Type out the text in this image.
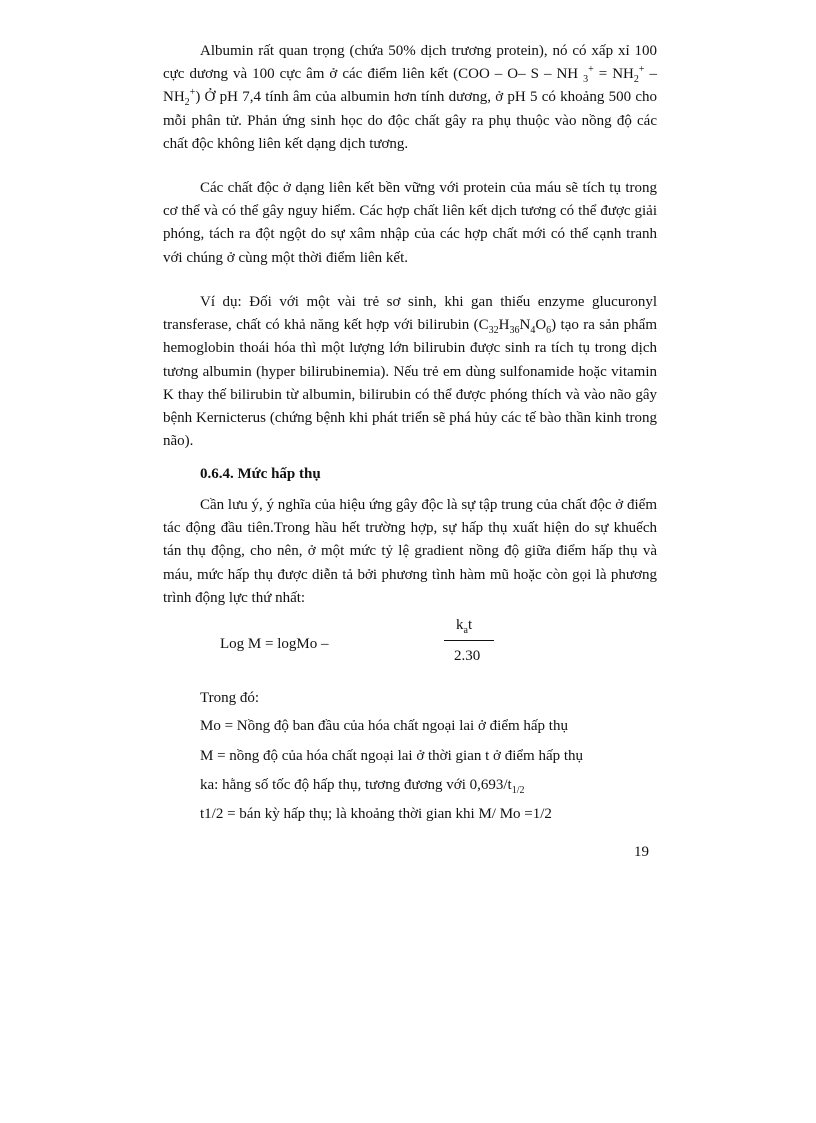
Albumin rất quan trọng (chứa 50% dịch trương protein), nó có xấp xỉ 100 cực dương và 100 cực âm ở các điểm liên kết (COO – O– S – NH $_3^+ = NH_2^+ - NH_2^+$) Ở pH 7,4 tính âm của albumin hơn tính dương, ở pH 5 có khoảng 500 cho mỗi phân tử. Phản ứng sinh học do độc chất gây ra phụ thuộc vào nồng độ các chất độc không liên kết dạng dịch tương.

Các chất độc ở dạng liên kết bền vững với protein của máu sẽ tích tụ trong cơ thể và có thể gây nguy hiểm. Các hợp chất liên kết dịch tương có thể được giải phóng, tách ra đột ngột do sự xâm nhập của các hợp chất mới có thể cạnh tranh với chúng ở cùng một thời điểm liên kết.

Ví dụ: Đối với một vài trẻ sơ sinh, khi gan thiếu enzyme glucuronyl transferase, chất có khả năng kết hợp với bilirubin $(C_{32}H_{36}N_4O_6)$ tạo ra sản phẩm hemoglobin thoái hóa thì một lượng lớn bilirubin được sinh ra tích tụ trong dịch tương albumin (hyper bilirubinemia). Nếu trẻ em dùng sulfonamide hoặc vitamin K thay thế bilirubin từ albumin, bilirubin có thể được phóng thích và vào não gây bệnh Kernicterus (chứng bệnh khi phát triển sẽ phá hủy các tế bào thần kinh trong não).

0.6.4. Mức hấp thụ

Cần lưu ý, ý nghĩa của hiệu ứng gây độc là sự tập trung của chất độc ở điểm tác động đầu tiên.Trong hầu hết trường hợp, sự hấp thụ xuất hiện do sự khuếch tán thụ động, cho nên, ở một mức tỷ lệ gradient nồng độ giữa điểm hấp thụ và máu, mức hấp thụ được diễn tả bởi phương tình hàm mũ hoặc còn gọi là phương trình động lực thứ nhất:

Log M = logMo –
$k_at$
2.30
Trong đó:
Mo = Nồng độ ban đầu của hóa chất ngoại lai ở điểm hấp thụ
M = nồng độ của hóa chất ngoại lai ở thời gian t ở điểm hấp thụ
ka: hằng số tốc độ hấp thụ, tương đương với $0,693/t_{1/2}$
t1/2 = bán kỳ hấp thụ; là khoảng thời gian khi M/ Mo =1/2
19
